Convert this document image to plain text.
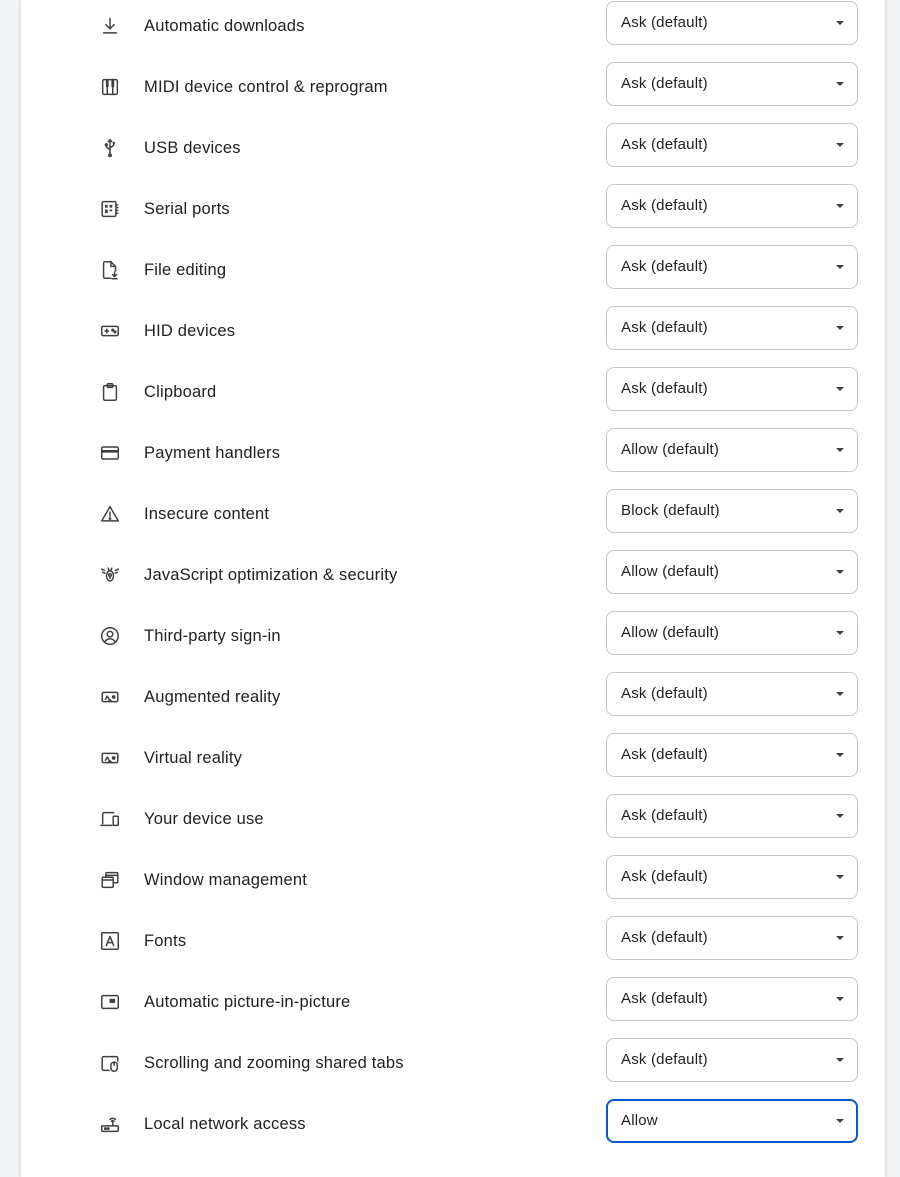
Automatic downloads	Ask (default)
MIDI device control & reprogram	Ask (default)
USB devices	Ask (default)
Serial ports	Ask (default)
File editing	Ask (default)
HID devices	Ask (default)
Clipboard	Ask (default)
Payment handlers	Allow (default)
Insecure content	Block (default)
JavaScript optimization & security	Allow (default)
Third-party sign-in	Allow (default)
Augmented reality	Ask (default)
Virtual reality	Ask (default)
Your device use	Ask (default)
Window management	Ask (default)
Fonts	Ask (default)
Automatic picture-in-picture	Ask (default)
Scrolling and zooming shared tabs	Ask (default)
Local network access	Allow
